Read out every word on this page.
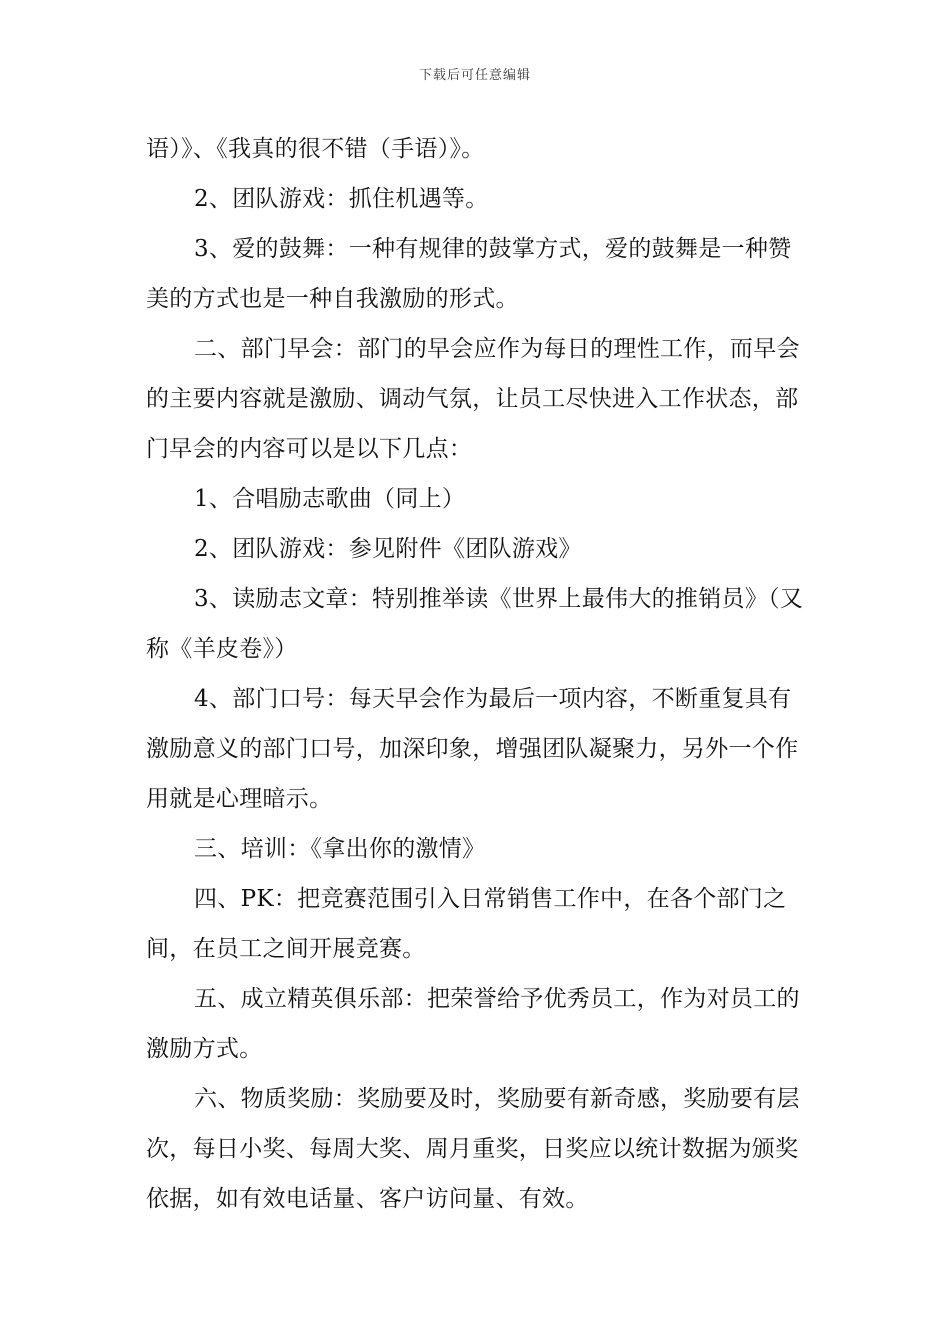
下载后可任意编辑

语）》、《我真的很不错（手语）》。

2、团队游戏：抓住机遇等。

3、爱的鼓舞：一种有规律的鼓掌方式，爱的鼓舞是一种赞美的方式也是一种自我激励的形式。

二、部门早会：部门的早会应作为每日的理性工作，而早会的主要内容就是激励、调动气氛，让员工尽快进入工作状态，部门早会的内容可以是以下几点：

1、合唱励志歌曲（同上）

2、团队游戏：参见附件《团队游戏》

3、读励志文章：特别推举读《世界上最伟大的推销员》（又称《羊皮卷》）

4、部门口号：每天早会作为最后一项内容，不断重复具有激励意义的部门口号，加深印象，增强团队凝聚力，另外一个作用就是心理暗示。

三、培训：《拿出你的激情》

四、PK：把竞赛范围引入日常销售工作中，在各个部门之间，在员工之间开展竞赛。

五、成立精英俱乐部：把荣誉给予优秀员工，作为对员工的激励方式。

六、物质奖励：奖励要及时，奖励要有新奇感，奖励要有层次，每日小奖、每周大奖、周月重奖，日奖应以统计数据为颁奖依据，如有效电话量、客户访问量、有效。
